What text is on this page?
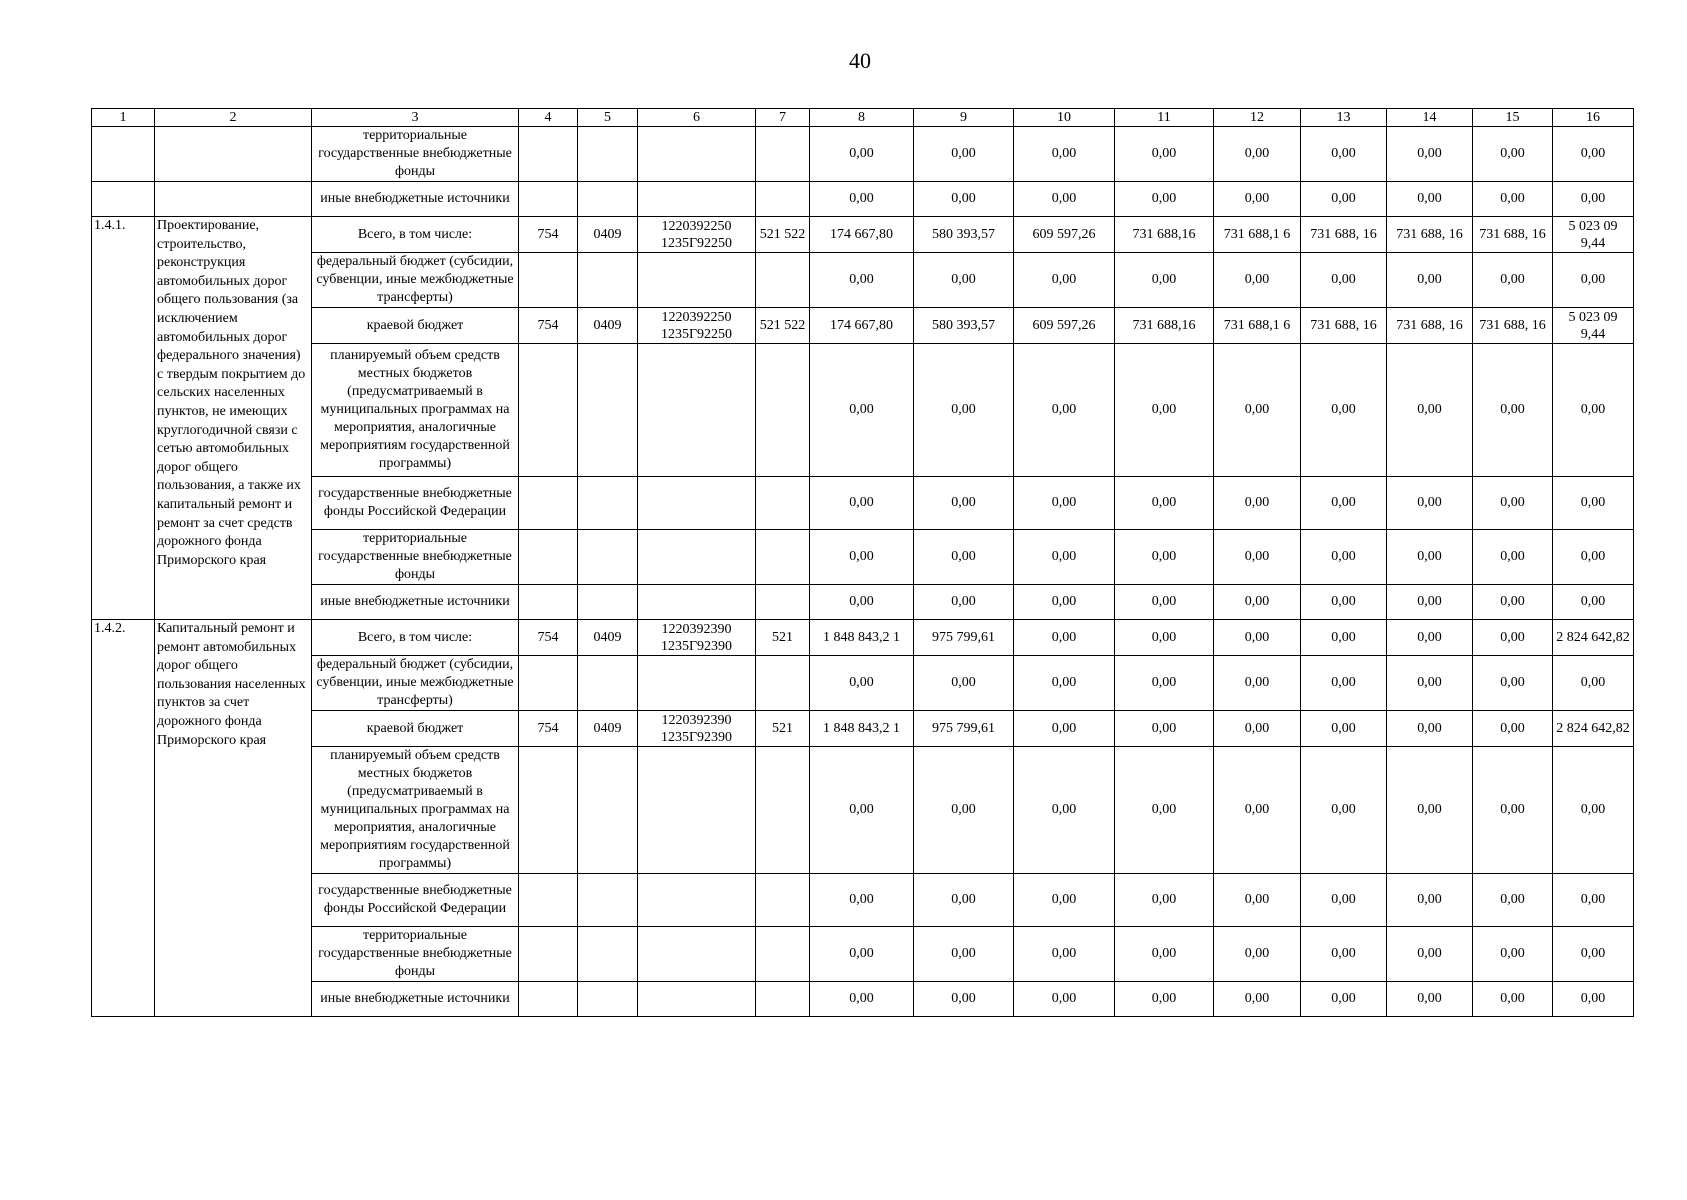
40
1	2	3	4	5	6	7	8	9	10	11	12	13	14	15	16
		территориальные государственные внебюджетные фонды					0,00	0,00	0,00	0,00	0,00	0,00	0,00	0,00	0,00
		иные внебюджетные источники					0,00	0,00	0,00	0,00	0,00	0,00	0,00	0,00	0,00
1.4.1.	Проектирование, строительство, реконструкция автомобильных дорог общего пользования (за исключением автомобильных дорог федерального значения) с твердым покрытием до сельских населенных пунктов, не имеющих круглогодичной связи с сетью автомобильных дорог общего пользования, а также их капитальный ремонт и ремонт за счет средств дорожного фонда Приморского края	Всего, в том числе:	754	0409	1220392250 1235Г92250	521 522	174 667,80	580 393,57	609 597,26	731 688,16	731 688,1 6	731 688, 16	731 688, 16	731 688, 16	5 023 09 9,44
		федеральный бюджет (субсидии, субвенции, иные межбюджетные трансферты)					0,00	0,00	0,00	0,00	0,00	0,00	0,00	0,00	0,00
		краевой бюджет	754	0409	1220392250 1235Г92250	521 522	174 667,80	580 393,57	609 597,26	731 688,16	731 688,1 6	731 688, 16	731 688, 16	731 688, 16	5 023 09 9,44
		планируемый объем средств местных бюджетов (предусматриваемый в муниципальных программах на мероприятия, аналогичные мероприятиям государственной программы)					0,00	0,00	0,00	0,00	0,00	0,00	0,00	0,00	0,00
		государственные внебюджетные фонды Российской Федерации					0,00	0,00	0,00	0,00	0,00	0,00	0,00	0,00	0,00
		территориальные государственные внебюджетные фонды					0,00	0,00	0,00	0,00	0,00	0,00	0,00	0,00	0,00
		иные внебюджетные источники					0,00	0,00	0,00	0,00	0,00	0,00	0,00	0,00	0,00
1.4.2.	Капитальный ремонт и ремонт автомобильных дорог общего пользования населенных пунктов за счет дорожного фонда Приморского края	Всего, в том числе:	754	0409	1220392390 1235Г92390	521	1 848 843,2 1	975 799,61	0,00	0,00	0,00	0,00	0,00	0,00	2 824 642,82
		федеральный бюджет (субсидии, субвенции, иные межбюджетные трансферты)					0,00	0,00	0,00	0,00	0,00	0,00	0,00	0,00	0,00
		краевой бюджет	754	0409	1220392390 1235Г92390	521	1 848 843,2 1	975 799,61	0,00	0,00	0,00	0,00	0,00	0,00	2 824 642,82
		планируемый объем средств местных бюджетов (предусматриваемый в муниципальных программах на мероприятия, аналогичные мероприятиям государственной программы)					0,00	0,00	0,00	0,00	0,00	0,00	0,00	0,00	0,00
		государственные внебюджетные фонды Российской Федерации					0,00	0,00	0,00	0,00	0,00	0,00	0,00	0,00	0,00
		территориальные государственные внебюджетные фонды					0,00	0,00	0,00	0,00	0,00	0,00	0,00	0,00	0,00
		иные внебюджетные источники					0,00	0,00	0,00	0,00	0,00	0,00	0,00	0,00	0,00
